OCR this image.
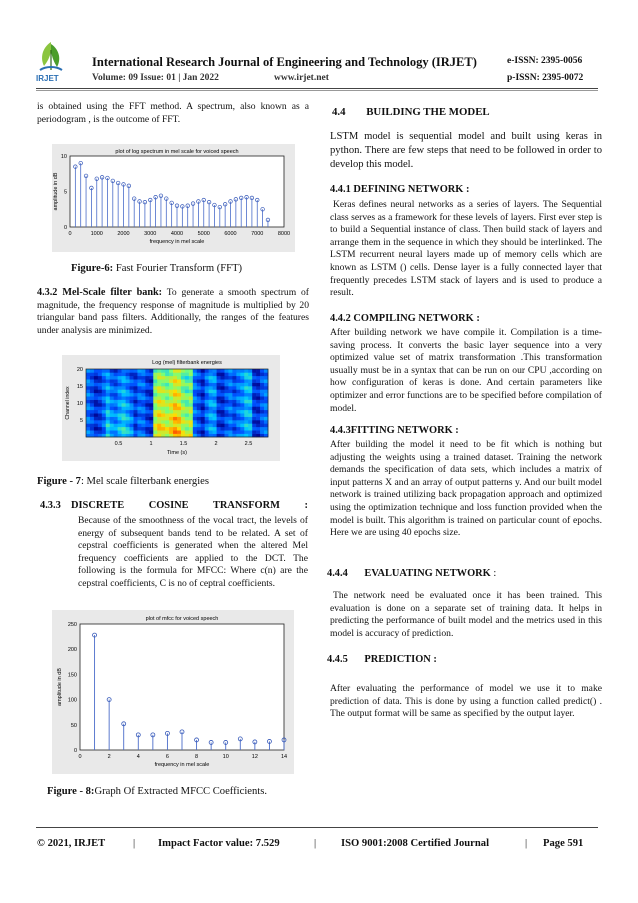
IRJET
International Research Journal of Engineering and Technology (IRJET)
Volume: 09 Issue: 01 | Jan 2022	www.irjet.net
e-ISSN: 2395-0056
p-ISSN: 2395-0072
is obtained using the FFT method. A spectrum, also known as a periodogram , is the outcome of FFT.
plot of log spectrum in mel scale for voiced speech
0	1000	2000	3000	4000	5000	6000	7000	8000
0
5
10
frequency in mel scale
amplitude in dB
Figure-6: Fast Fourier Transform (FFT)
4.3.2 Mel-Scale filter bank: To generate a smooth spectrum of magnitude, the frequency response of magnitude is multiplied by 20 triangular band pass filters. Additionally, the ranges of the features under analysis are minimized.
Log (mel) filterbank energies
0.5	1	1.5	2	2.5
5
10
15
20
Time (s)
Channel index
Figure - 7: Mel scale filterbank energies
4.3.3 DISCRETE COSINE TRANSFORM :
Because of the smoothness of the vocal tract, the levels of energy of subsequent bands tend to be related. A set of cepstral coefficients is generated when the altered Mel frequency coefficients are applied to the DCT. The following is the formula for MFCC: Where c(n) are the cepstral coefficients, C is no of ceptral coefficients.
plot of mfcc for voiced speech
0	2	4	6	8	10	12	14
0
50
100
150
200
250
frequency in mel scale
amplitude in dB
Figure - 8:Graph Of Extracted MFCC Coefficients.
4.4 BUILDING THE MODEL
LSTM model is sequential model and built using keras in python. There are few steps that need to be followed in order to develop this model.
4.4.1 DEFINING NETWORK :
Keras defines neural networks as a series of layers. The Sequential class serves as a framework for these levels of layers. First ever step is to build a Sequential instance of class. Then build stack of layers and arrange them in the sequence in which they should be interlinked. The LSTM recurrent neural layers made up of memory cells which are known as LSTM () cells. Dense layer is a fully connected layer that frequently precedes LSTM stack of layers and is used to produce a result.
4.4.2 COMPILING NETWORK :
After building network we have compile it. Compilation is a time-saving process. It converts the basic layer sequence into a very optimized value set of matrix transformation .This transformation usually must be in a syntax that can be run on our CPU ,according on how configuration of keras is done. And certain parameters like optimizer and error functions are to be specified before compilation of model.
4.4.3FITTING NETWORK :
After building the model it need to be fit which is nothing but adjusting the weights using a trained dataset. Training the network demands the specification of data sets, which includes a matrix of input patterns X and an array of output patterns y. And our built model network is trained utilizing back propagation approach and optimized using the optimization technique and loss function provided when the model is built. This algorithm is trained on particular count of epochs. Here we are using 40 epochs size.
4.4.4 EVALUATING NETWORK :
The network need be evaluated once it has been trained. This evaluation is done on a separate set of training data. It helps in predicting the performance of built model and the metrics used in this model is accuracy of prediction.
4.4.5 PREDICTION :
After evaluating the performance of model we use it to make prediction of data. This is done by using a function called predict() . The output format will be same as specified by the output layer.
© 2021, IRJET	| Impact Factor value: 7.529	| ISO 9001:2008 Certified Journal	| Page 591
